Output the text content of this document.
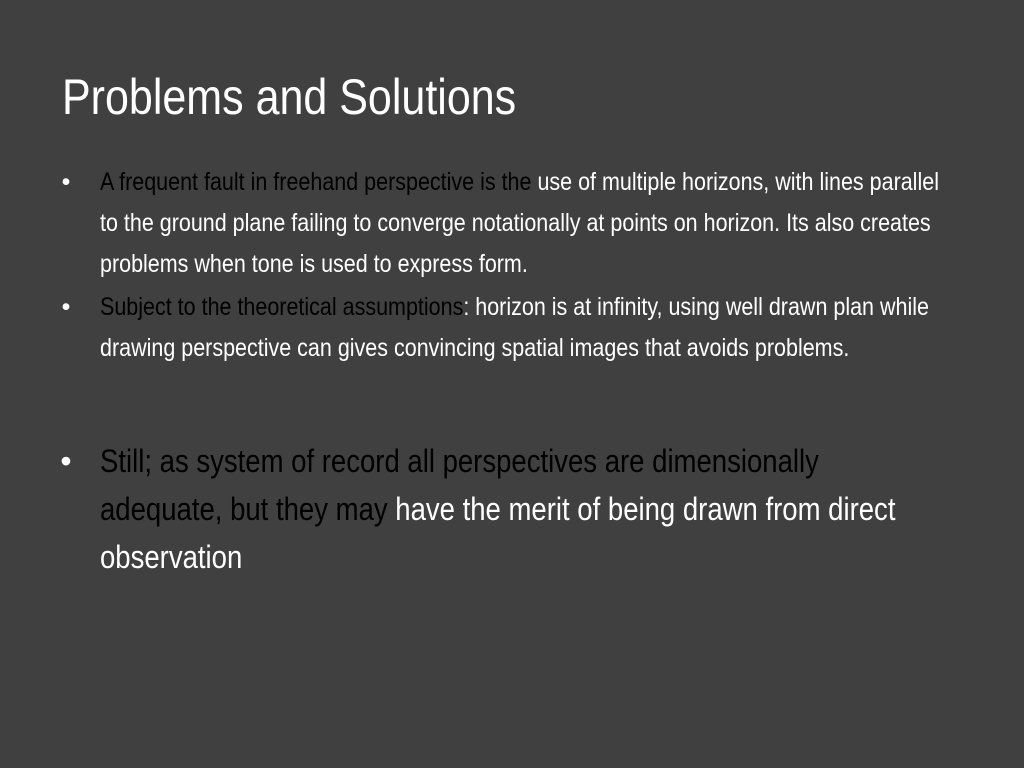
Problems and Solutions
• A frequent fault in freehand perspective is the use of multiple horizons, with lines parallel to the ground plane failing to converge notationally at points on horizon. Its also creates problems when tone is used to express form.
• Subject to the theoretical assumptions: horizon is at infinity, using well drawn plan while drawing perspective can gives convincing spatial images that avoids problems.
• Still; as system of record all perspectives are dimensionally adequate, but they may have the merit of being drawn from direct observation
